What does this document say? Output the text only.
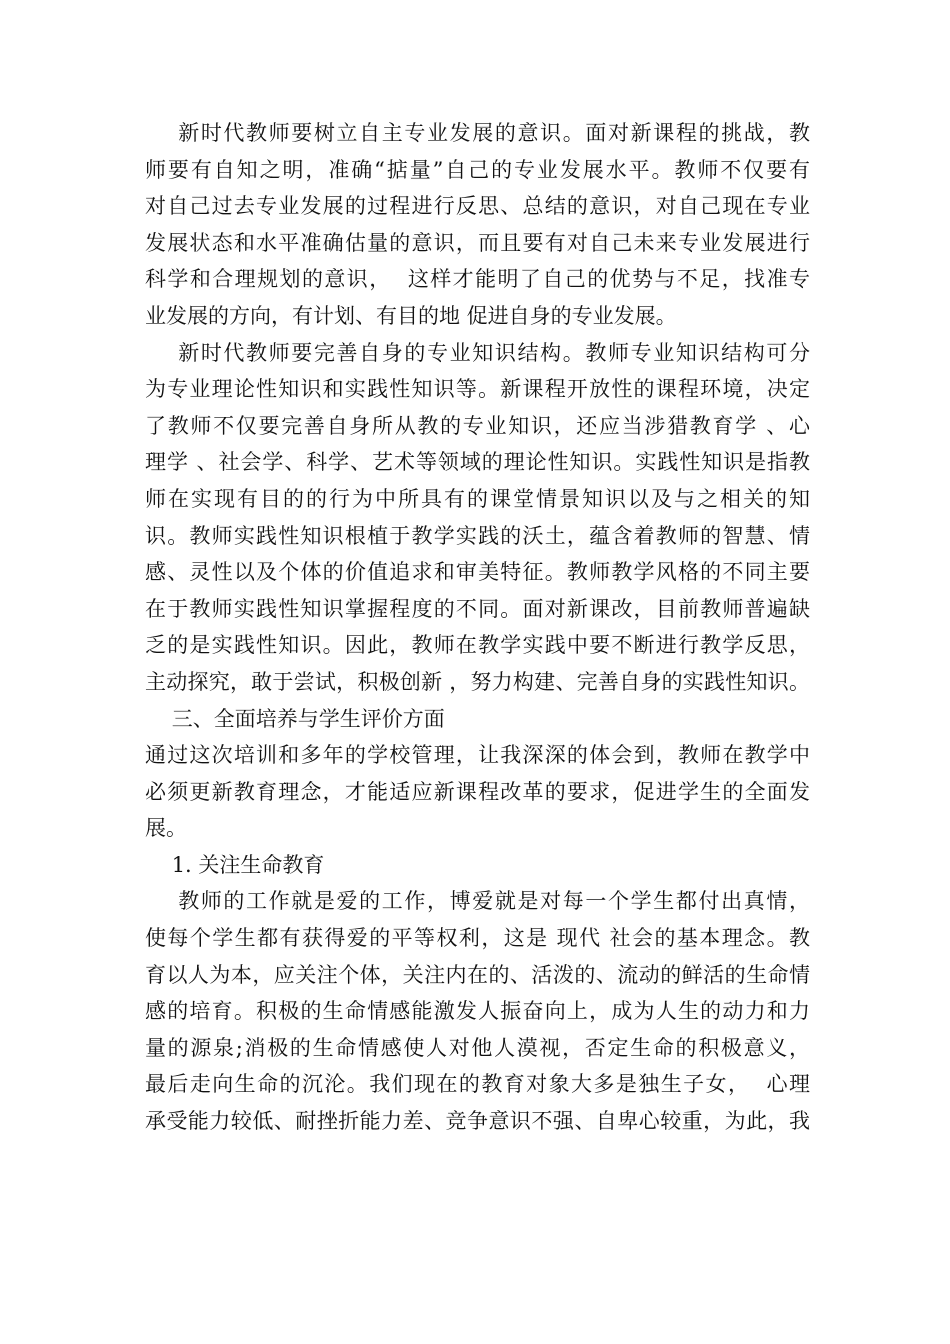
新时代教师要树立自主专业发展的意识。面对新课程的挑战，教
师要有自知之明，准确“掂量”自己的专业发展水平。教师不仅要有
对自己过去专业发展的过程进行反思、总结的意识，对自己现在专业
发展状态和水平准确估量的意识，而且要有对自己未来专业发展进行
科学和合理规划的意识，  这样才能明了自己的优势与不足，找准专
业发展的方向，有计划、有目的地 促进自身的专业发展。
新时代教师要完善自身的专业知识结构。教师专业知识结构可分
为专业理论性知识和实践性知识等。新课程开放性的课程环境，决定
了教师不仅要完善自身所从教的专业知识，还应当涉猎教育学 、心
理学 、社会学、科学、艺术等领域的理论性知识。实践性知识是指教
师在实现有目的的行为中所具有的课堂情景知识以及与之相关的知
识。教师实践性知识根植于教学实践的沃土，蕴含着教师的智慧、情
感、灵性以及个体的价值追求和审美特征。教师教学风格的不同主要
在于教师实践性知识掌握程度的不同。面对新课改，目前教师普遍缺
乏的是实践性知识。因此，教师在教学实践中要不断进行教学反思，
主动探究，敢于尝试，积极创新 ，努力构建、完善自身的实践性知识。
三、全面培养与学生评价方面
通过这次培训和多年的学校管理，让我深深的体会到，教师在教学中
必须更新教育理念，才能适应新课程改革的要求，促进学生的全面发
展。
1. 关注生命教育
教师的工作就是爱的工作，博爱就是对每一个学生都付出真情，
使每个学生都有获得爱的平等权利，这是 现代 社会的基本理念。教
育以人为本，应关注个体，关注内在的、活泼的、流动的鲜活的生命情
感的培育。积极的生命情感能激发人振奋向上，成为人生的动力和力
量的源泉;消极的生命情感使人对他人漠视，否定生命的积极意义，
最后走向生命的沉沦。我们现在的教育对象大多是独生子女，  心理
承受能力较低、耐挫折能力差、竞争意识不强、自卑心较重，为此，我
